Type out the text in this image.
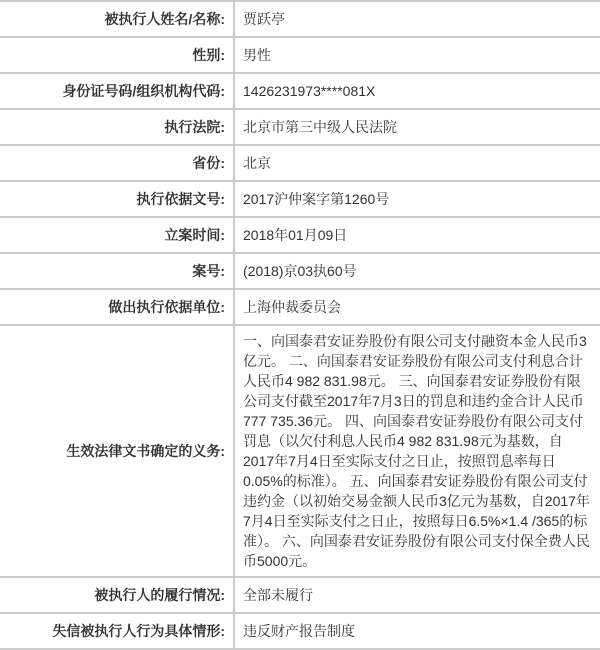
被执行人姓名/名称:	贾跃亭
性别:	男性
身份证号码/组织机构代码:	1426231973****081X
执行法院:	北京市第三中级人民法院
省份:	北京
执行依据文号:	2017沪仲案字第1260号
立案时间:	2018年01月09日
案号:	(2018)京03执60号
做出执行依据单位:	上海仲裁委员会
生效法律文书确定的义务:
一、向国泰君安证券股份有限公司支付融资本金人民币3亿元。 二、向国泰君安证券股份有限公司支付利息合计人民币4 982 831.98元。 三、向国泰君安证券股份有限公司支付截至2017年7月3日的罚息和违约金合计人民币777 735.36元。 四、向国泰君安证券股份有限公司支付罚息（以欠付利息人民币4 982 831.98元为基数，自2017年7月4日至实际支付之日止，按照罚息率每日0.05%的标准）。 五、向国泰君安证券股份有限公司支付违约金（以初始交易金额人民币3亿元为基数，自2017年7月4日至实际支付之日止，按照每日6.5%×1.4 /365的标准）。 六、向国泰君安证券股份有限公司支付保全费人民币5000元。
被执行人的履行情况:	全部未履行
失信被执行人行为具体情形:	违反财产报告制度
